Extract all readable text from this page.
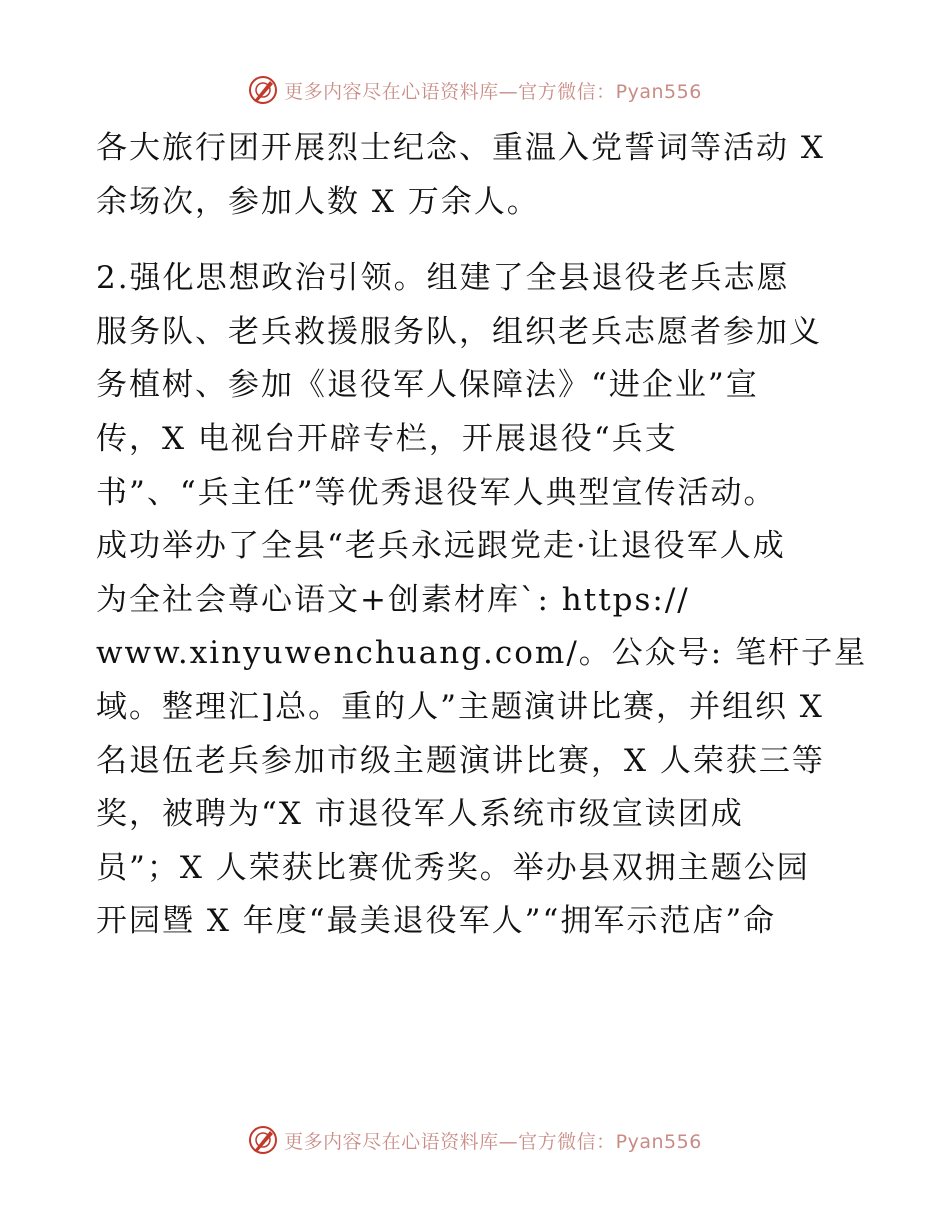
更多内容尽在心语资料库—官方微信：Pyan556
各大旅行团开展烈士纪念、重温入党誓词等活动 X
余场次，参加人数 X 万余人。
2.强化思想政治引领。组建了全县退役老兵志愿
服务队、老兵救援服务队，组织老兵志愿者参加义
务植树、参加《退役军人保障法》“进企业”宣
传，X 电视台开辟专栏，开展退役“兵支
书”、“兵主任”等优秀退役军人典型宣传活动。
成功举办了全县“老兵永远跟党走·让退役军人成
为全社会尊心语文+创素材库`: https://
www.xinyuwenchuang.com/。公众号: 笔杆子星
域。整理汇]总。重的人”主题演讲比赛，并组织 X
名退伍老兵参加市级主题演讲比赛，X 人荣获三等
奖，被聘为“X 市退役军人系统市级宣读团成
员”；X 人荣获比赛优秀奖。举办县双拥主题公园
开园暨 X 年度“最美退役军人”“拥军示范店”命
更多内容尽在心语资料库—官方微信：Pyan556
